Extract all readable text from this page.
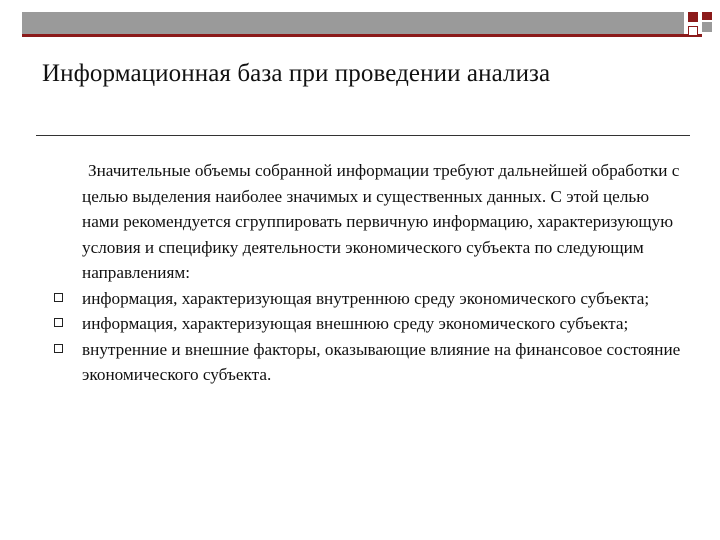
Информационная база при проведении анализа

Значительные объемы собранной информации требуют дальнейшей обработки с целью выделения наиболее значимых и существенных данных. С этой целью нами рекомендуется сгруппировать первичную информацию, характеризующую условия и специфику деятельности экономического субъекта по следующим направлениям:

информация, характеризующая внутреннюю среду экономического субъекта;
информация, характеризующая внешнюю среду экономического субъекта;
внутренние и внешние факторы, оказывающие влияние на финансовое состояние экономического субъекта.
